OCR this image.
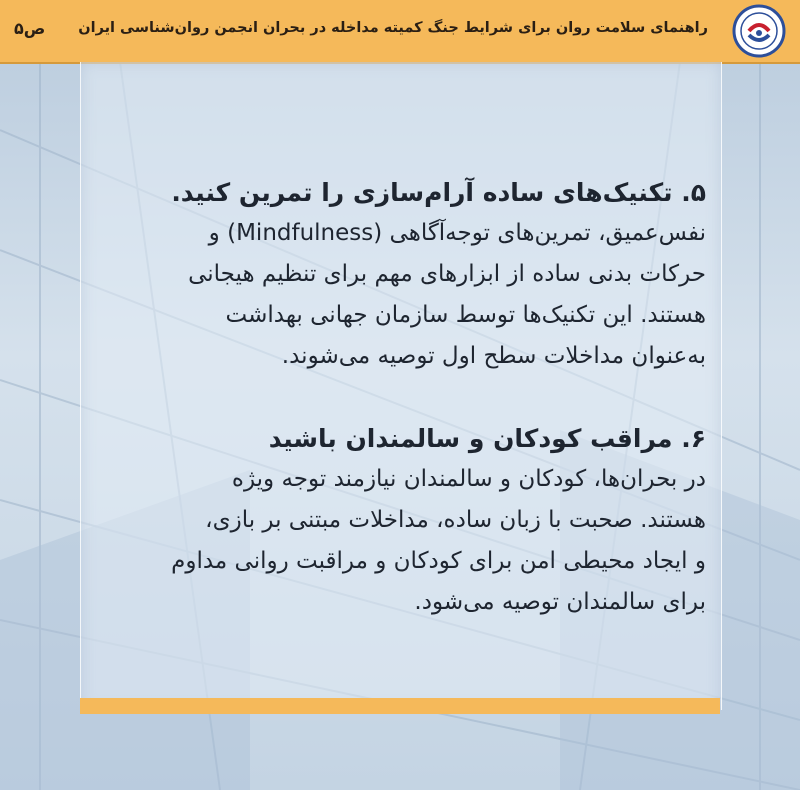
ص۵ راهنمای سلامت روان برای شرایط جنگ کمیته مداخله در بحران انجمن روان‌شناسی ایران
۵. تکنیک‌های ساده آرام‌سازی را تمرین کنید.
نفس‌عمیق، تمرین‌های توجه‌آگاهی (Mindfulness) و
حرکات بدنی ساده از ابزارهای مهم برای تنظیم هیجانی
هستند. این تکنیک‌ها توسط سازمان جهانی بهداشت
به‌عنوان مداخلات سطح اول توصیه می‌شوند.
۶. مراقب کودکان و سالمندان باشید
در بحران‌ها، کودکان و سالمندان نیازمند توجه ویژه
هستند. صحبت با زبان ساده، مداخلات مبتنی بر بازی،
و ایجاد محیطی امن برای کودکان و مراقبت روانی مداوم
برای سالمندان توصیه می‌شود.
